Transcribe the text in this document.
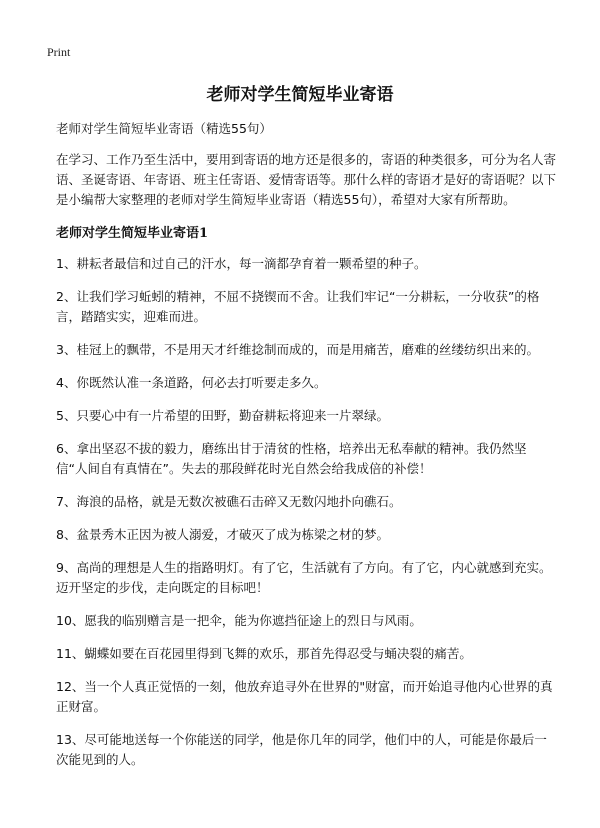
Print
老师对学生简短毕业寄语

老师对学生简短毕业寄语（精选55句）

在学习、工作乃至生活中，要用到寄语的地方还是很多的，寄语的种类很多，可分为名人寄语、圣诞寄语、年寄语、班主任寄语、爱情寄语等。那什么样的寄语才是好的寄语呢？以下是小编帮大家整理的老师对学生简短毕业寄语（精选55句），希望对大家有所帮助。

老师对学生简短毕业寄语1

1、耕耘者最信和过自己的汗水，每一滴都孕育着一颗希望的种子。

2、让我们学习蚯蚓的精神，不屈不挠锲而不舍。让我们牢记“一分耕耘，一分收获”的格言，踏踏实实，迎难而进。

3、桂冠上的飘带，不是用天才纤维捻制而成的，而是用痛苦，磨难的丝缕纺织出来的。

4、你既然认准一条道路，何必去打听要走多久。

5、只要心中有一片希望的田野，勤奋耕耘将迎来一片翠绿。

6、拿出坚忍不拔的毅力，磨练出甘于清贫的性格，培养出无私奉献的精神。我仍然坚信“人间自有真情在”。失去的那段鲜花时光自然会给我成倍的补偿！

7、海浪的品格，就是无数次被礁石击碎又无数闪地扑向礁石。

8、盆景秀木正因为被人溺爱，才破灭了成为栋梁之材的梦。

9、高尚的理想是人生的指路明灯。有了它，生活就有了方向。有了它，内心就感到充实。迈开坚定的步伐，走向既定的目标吧！

10、愿我的临别赠言是一把伞，能为你遮挡征途上的烈日与风雨。

11、蝴蝶如要在百花园里得到飞舞的欢乐，那首先得忍受与蛹决裂的痛苦。

12、当一个人真正觉悟的一刻，他放弃追寻外在世界的"财富，而开始追寻他内心世界的真正财富。

13、尽可能地送每一个你能送的同学，他是你几年的同学，他们中的人，可能是你最后一次能见到的人。
